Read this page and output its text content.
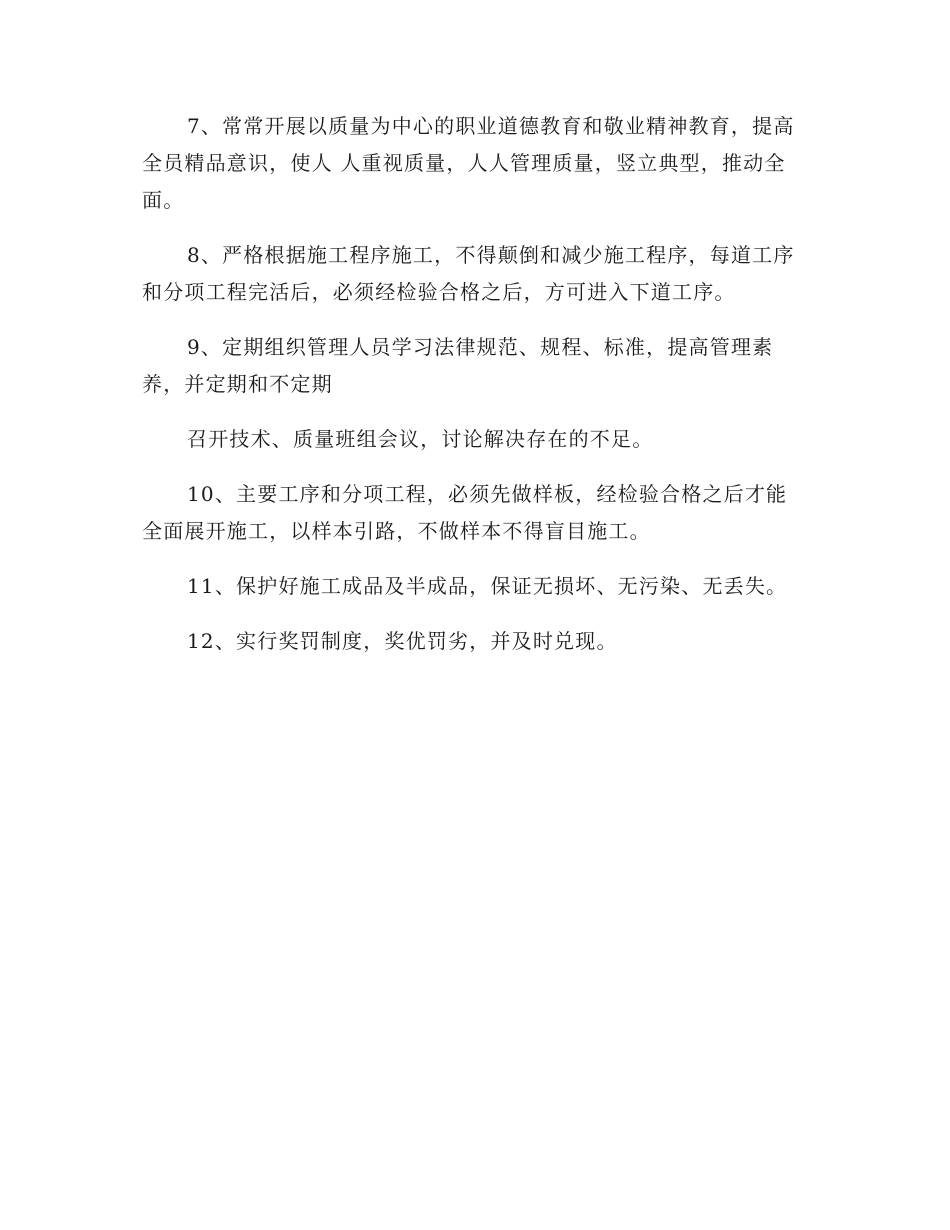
7、常常开展以质量为中心的职业道德教育和敬业精神教育，提高
全员精品意识，使人 人重视质量，人人管理质量，竖立典型，推动全
面。

8、严格根据施工程序施工，不得颠倒和减少施工程序，每道工序
和分项工程完活后，必须经检验合格之后，方可进入下道工序。

9、定期组织管理人员学习法律规范、规程、标准，提高管理素
养，并定期和不定期

召开技术、质量班组会议，讨论解决存在的不足。

10、主要工序和分项工程，必须先做样板，经检验合格之后才能
全面展开施工，以样本引路，不做样本不得盲目施工。

11、保护好施工成品及半成品，保证无损坏、无污染、无丢失。

12、实行奖罚制度，奖优罚劣，并及时兑现。
